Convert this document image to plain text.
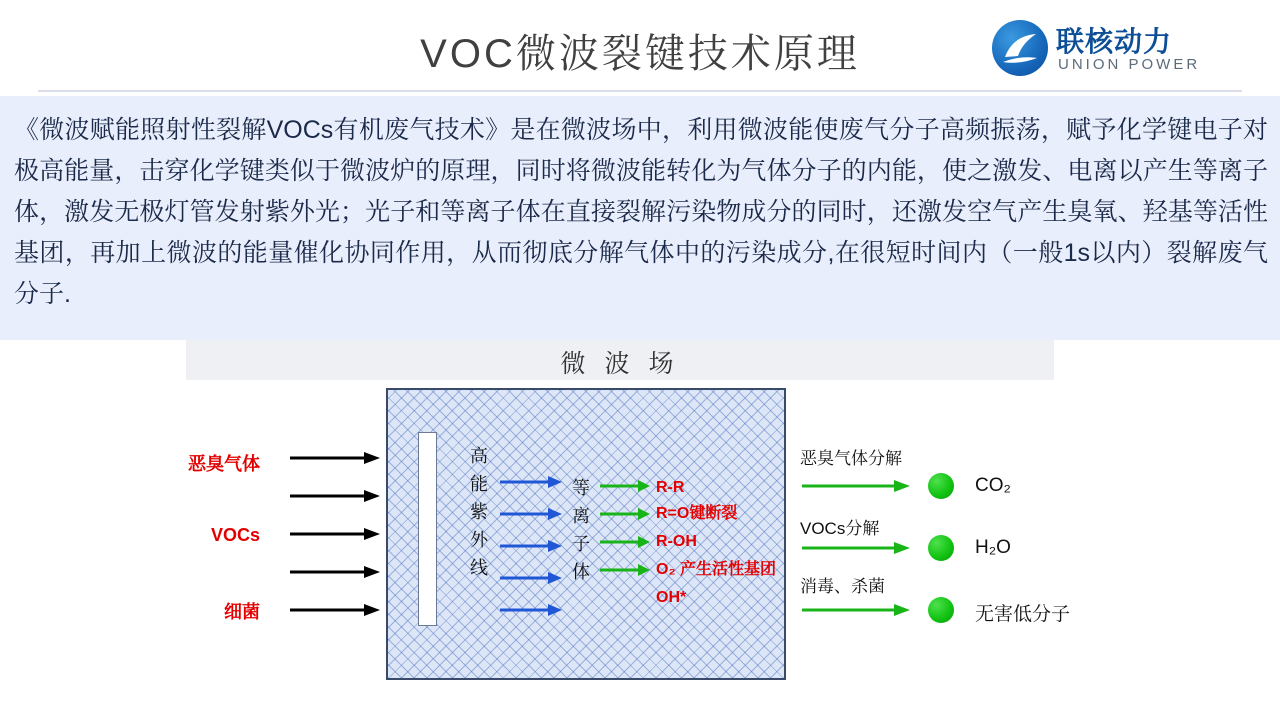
VOC微波裂键技术原理	联核动力
UNION POWER
《微波赋能照射性裂解VOCs有机废气技术》是在微波场中，利用微波能使废气分子高频振荡，赋予化学键电子对极高能量，击穿化学键类似于微波炉的原理，同时将微波能转化为气体分子的内能，使之激发、电离以产生等离子体，激发无极灯管发射紫外光；光子和等离子体在直接裂解污染物成分的同时，还激发空气产生臭氧、羟基等活性基团，再加上微波的能量催化协同作用，从而彻底分解气体中的污染成分,在很短时间内（一般1s以内）裂解废气分子.
微 波 场
恶臭气体
VOCs
细菌
高
能
紫
外
线
等
离
子
体
R-R
R=O键断裂
R-OH
O₂ 产生活性基团
OH*
恶臭气体分解
CO₂
VOCs分解
H₂O
消毒、杀菌
无害低分子
